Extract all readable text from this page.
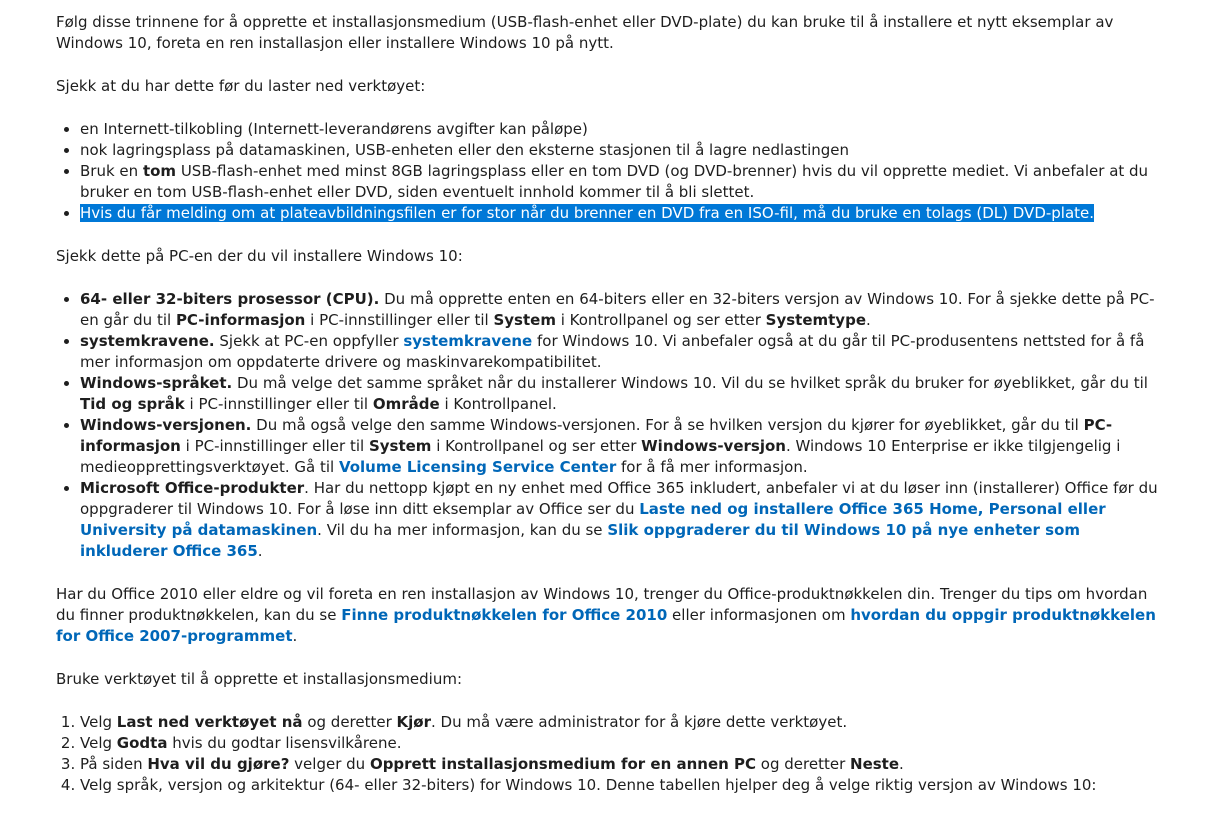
Følg disse trinnene for å opprette et installasjonsmedium (USB-flash-enhet eller DVD-plate) du kan bruke til å installere et nytt eksemplar av Windows 10, foreta en ren installasjon eller installere Windows 10 på nytt.

Sjekk at du har dette før du laster ned verktøyet:

• en Internett-tilkobling (Internett-leverandørens avgifter kan påløpe)
• nok lagringsplass på datamaskinen, USB-enheten eller den eksterne stasjonen til å lagre nedlastingen
• Bruk en tom USB-flash-enhet med minst 8GB lagringsplass eller en tom DVD (og DVD-brenner) hvis du vil opprette mediet. Vi anbefaler at du bruker en tom USB-flash-enhet eller DVD, siden eventuelt innhold kommer til å bli slettet.
• Hvis du får melding om at plateavbildningsfilen er for stor når du brenner en DVD fra en ISO-fil, må du bruke en tolags (DL) DVD-plate.

Sjekk dette på PC-en der du vil installere Windows 10:

• 64- eller 32-biters prosessor (CPU). Du må opprette enten en 64-biters eller en 32-biters versjon av Windows 10. For å sjekke dette på PC-en går du til PC-informasjon i PC-innstillinger eller til System i Kontrollpanel og ser etter Systemtype.
• systemkravene. Sjekk at PC-en oppfyller systemkravene for Windows 10. Vi anbefaler også at du går til PC-produsentens nettsted for å få mer informasjon om oppdaterte drivere og maskinvarekompatibilitet.
• Windows-språket. Du må velge det samme språket når du installerer Windows 10. Vil du se hvilket språk du bruker for øyeblikket, går du til Tid og språk i PC-innstillinger eller til Område i Kontrollpanel.
• Windows-versjonen. Du må også velge den samme Windows-versjonen. For å se hvilken versjon du kjører for øyeblikket, går du til PC-informasjon i PC-innstillinger eller til System i Kontrollpanel og ser etter Windows-versjon. Windows 10 Enterprise er ikke tilgjengelig i medieopprettingsverktøyet. Gå til Volume Licensing Service Center for å få mer informasjon.
• Microsoft Office-produkter. Har du nettopp kjøpt en ny enhet med Office 365 inkludert, anbefaler vi at du løser inn (installerer) Office før du oppgraderer til Windows 10. For å løse inn ditt eksemplar av Office ser du Laste ned og installere Office 365 Home, Personal eller University på datamaskinen. Vil du ha mer informasjon, kan du se Slik oppgraderer du til Windows 10 på nye enheter som inkluderer Office 365.

Har du Office 2010 eller eldre og vil foreta en ren installasjon av Windows 10, trenger du Office-produktnøkkelen din. Trenger du tips om hvordan du finner produktnøkkelen, kan du se Finne produktnøkkelen for Office 2010 eller informasjonen om hvordan du oppgir produktnøkkelen for Office 2007-programmet.

Bruke verktøyet til å opprette et installasjonsmedium:

1. Velg Last ned verktøyet nå og deretter Kjør. Du må være administrator for å kjøre dette verktøyet.
2. Velg Godta hvis du godtar lisensvilkårene.
3. På siden Hva vil du gjøre? velger du Opprett installasjonsmedium for en annen PC og deretter Neste.
4. Velg språk, versjon og arkitektur (64- eller 32-biters) for Windows 10. Denne tabellen hjelper deg å velge riktig versjon av Windows 10:
